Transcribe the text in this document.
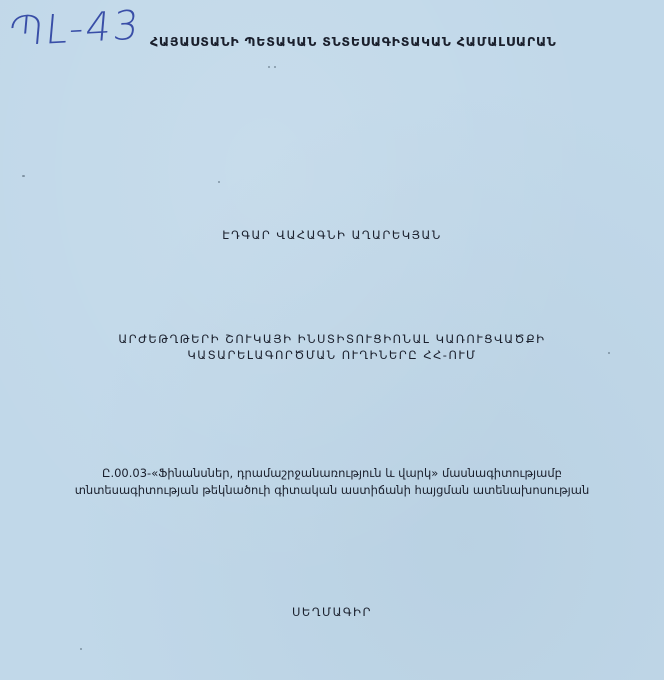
ՊԼ-43 ՀԱՅԱՍՏԱՆԻ ՊԵՏԱԿԱՆ ՏՆՏԵՍԱԳԻՏԱԿԱՆ ՀԱՄԱԼՍԱՐԱՆ
ԷԴԳԱՐ ՎԱՀԱԳՆԻ ԱՂԱՐԵԿՅԱՆ
ԱՐԺԵԹՂԹԵՐԻ ՇՈՒԿԱՅԻ ԻՆՍՏԻՏՈՒՑԻՈՆԱԼ ԿԱՌՈՒՑՎԱԾՔԻ
ԿԱՏԱՐԵԼԱԳՈՐԾՄԱՆ ՈՒՂԻՆԵՐԸ ՀՀ-ՈՒՄ
Ը.00.03-«Ֆինանսներ, դրամաշրջանառություն և վարկ» մասնագիտությամբ
տնտեսագիտության թեկնածուի գիտական աստիճանի հայցման ատենախոսության
ՍԵՂՄԱԳԻՐ
